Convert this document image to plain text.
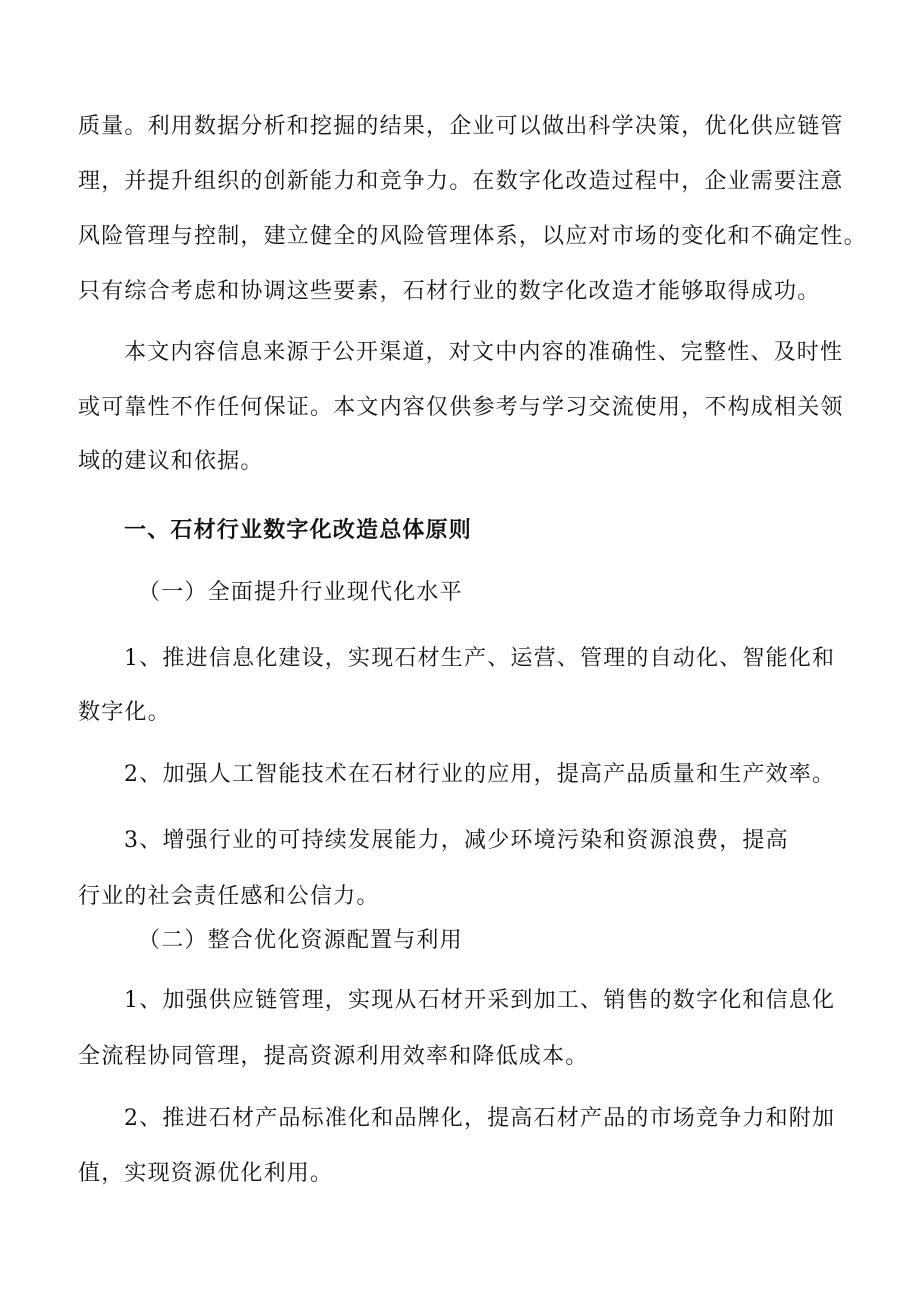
质量。利用数据分析和挖掘的结果，企业可以做出科学决策，优化供应链管
理，并提升组织的创新能力和竞争力。在数字化改造过程中，企业需要注意
风险管理与控制，建立健全的风险管理体系，以应对市场的变化和不确定性。
只有综合考虑和协调这些要素，石材行业的数字化改造才能够取得成功。
本文内容信息来源于公开渠道，对文中内容的准确性、完整性、及时性
或可靠性不作任何保证。本文内容仅供参考与学习交流使用，不构成相关领
域的建议和依据。
一、石材行业数字化改造总体原则
（一）全面提升行业现代化水平
1、推进信息化建设，实现石材生产、运营、管理的自动化、智能化和
数字化。
2、加强人工智能技术在石材行业的应用，提高产品质量和生产效率。
3、增强行业的可持续发展能力，减少环境污染和资源浪费，提高
行业的社会责任感和公信力。
（二）整合优化资源配置与利用
1、加强供应链管理，实现从石材开采到加工、销售的数字化和信息化
全流程协同管理，提高资源利用效率和降低成本。
2、推进石材产品标准化和品牌化，提高石材产品的市场竞争力和附加
值，实现资源优化利用。
